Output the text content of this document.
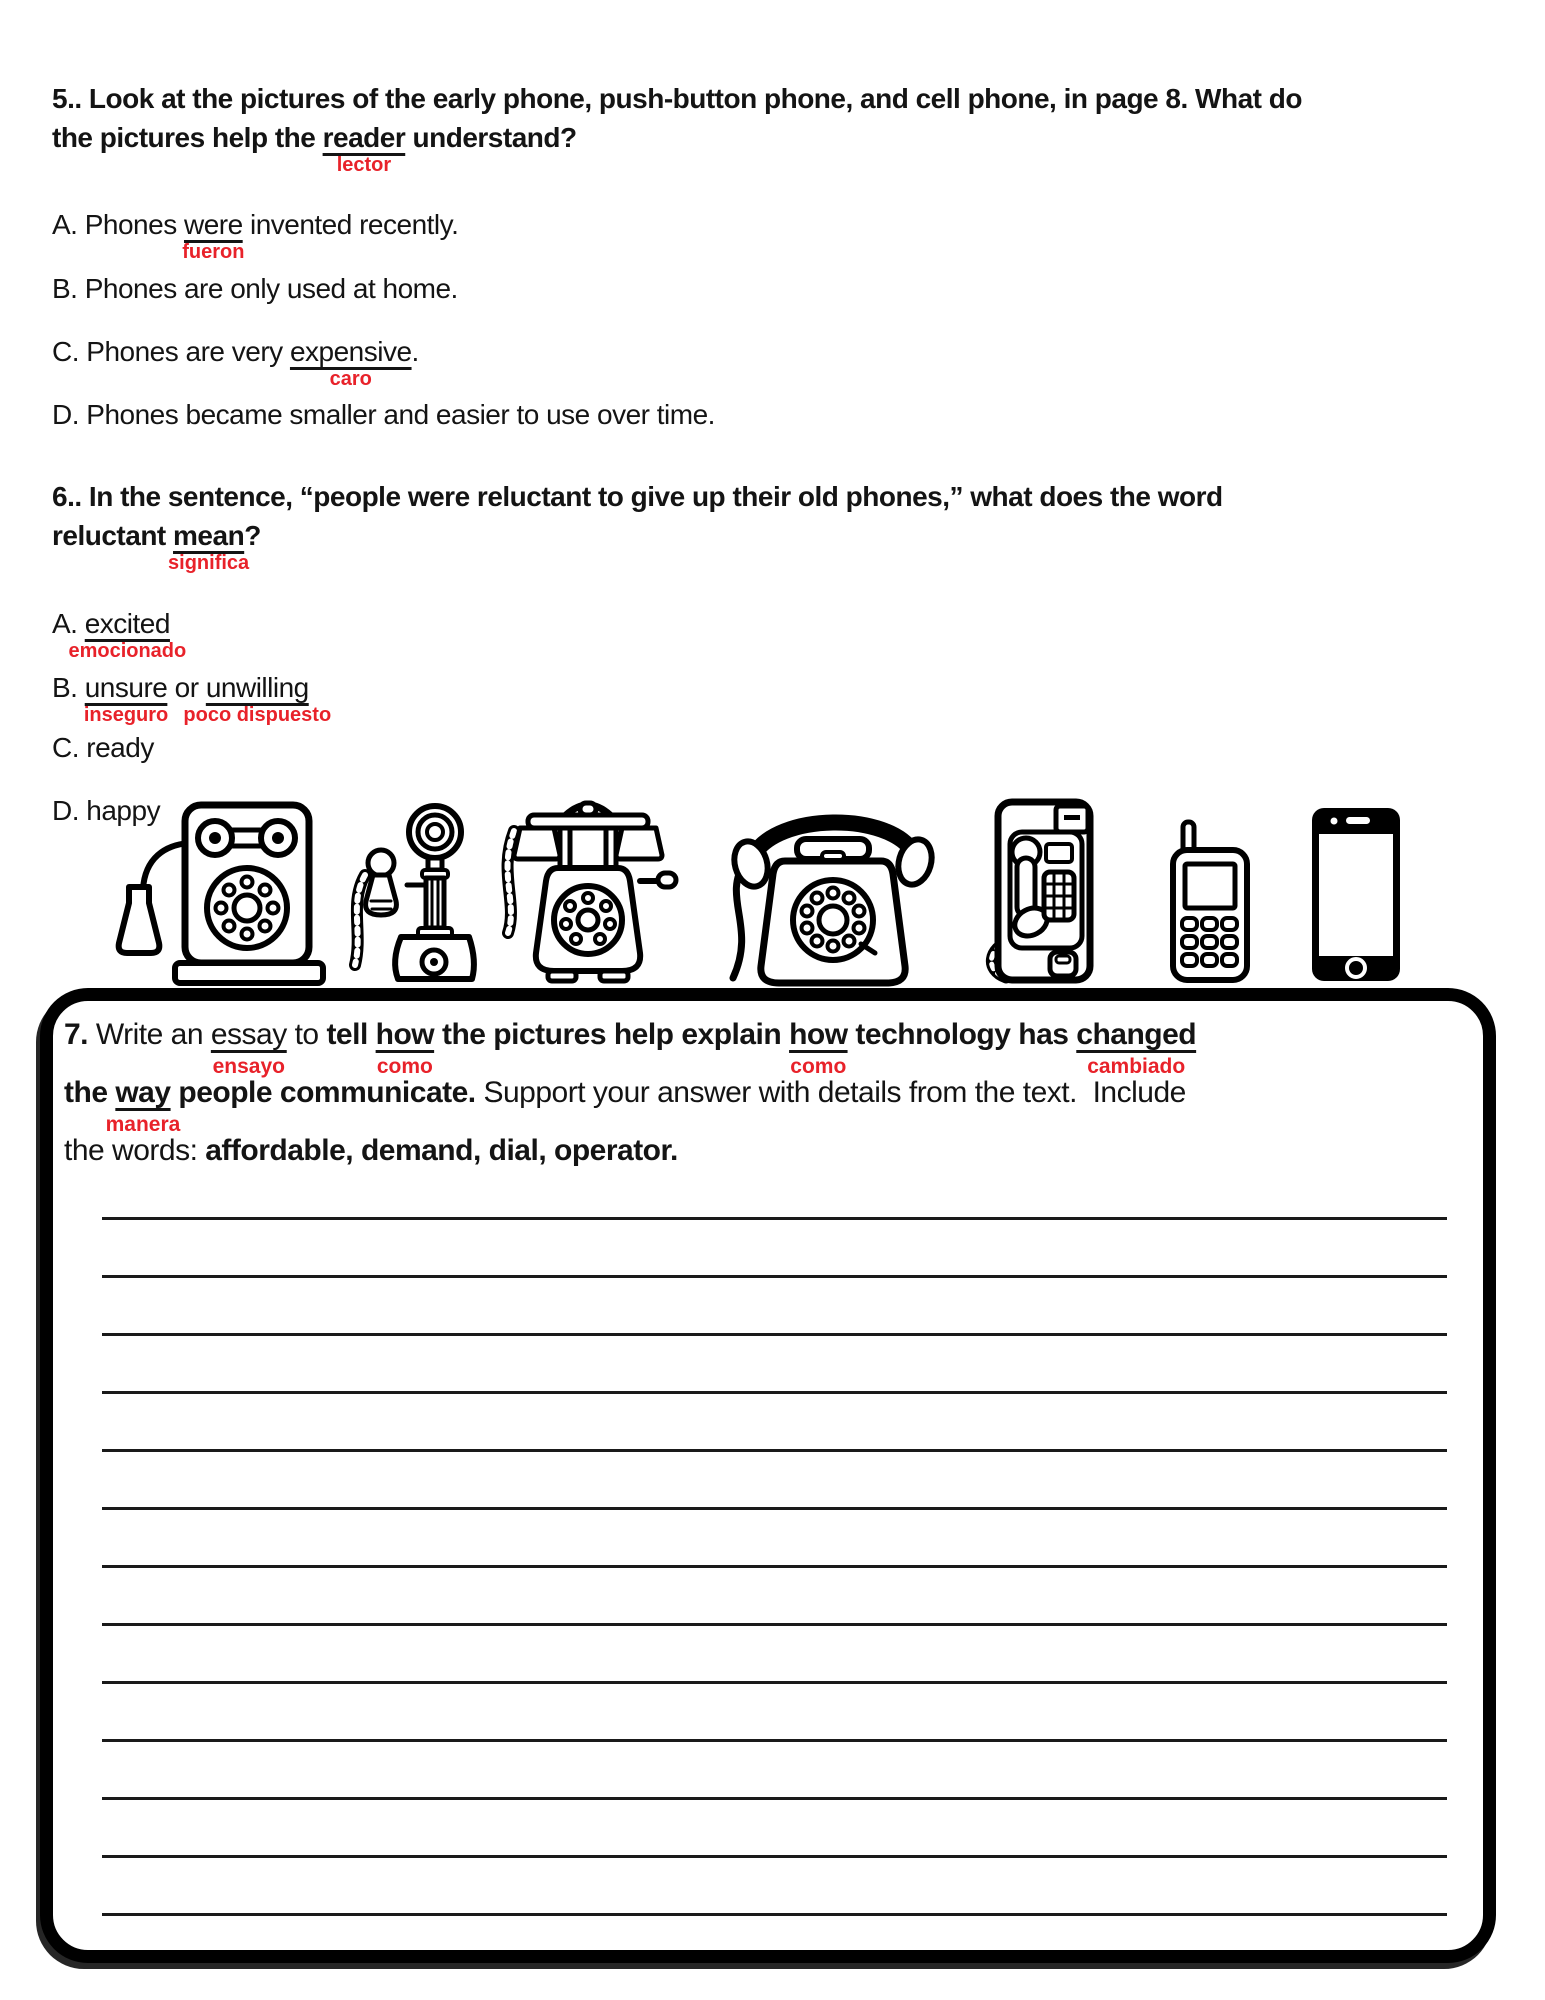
5.. Look at the pictures of the early phone, push-button phone, and cell phone, in page 8. What do
the pictures help the reader
lector
understand?
A. Phones were
fueron
invented recently.
B. Phones are only used at home.
C. Phones are very expensive
caro
.
D. Phones became smaller and easier to use over time.
6.. In the sentence, “people were reluctant to give up their old phones,” what does the word
reluctant mean
significa
?
A. excited
emocionado
B. unsure
inseguro
or unwilling
poco dispuesto
C. ready
D. happy
7. Write an essay
ensayo
to tell how
como
the pictures help explain how
como
technology has changed
cambiado
the way
manera
people communicate. Support your answer with details from the text.  Include
the words: affordable, demand, dial, operator.
